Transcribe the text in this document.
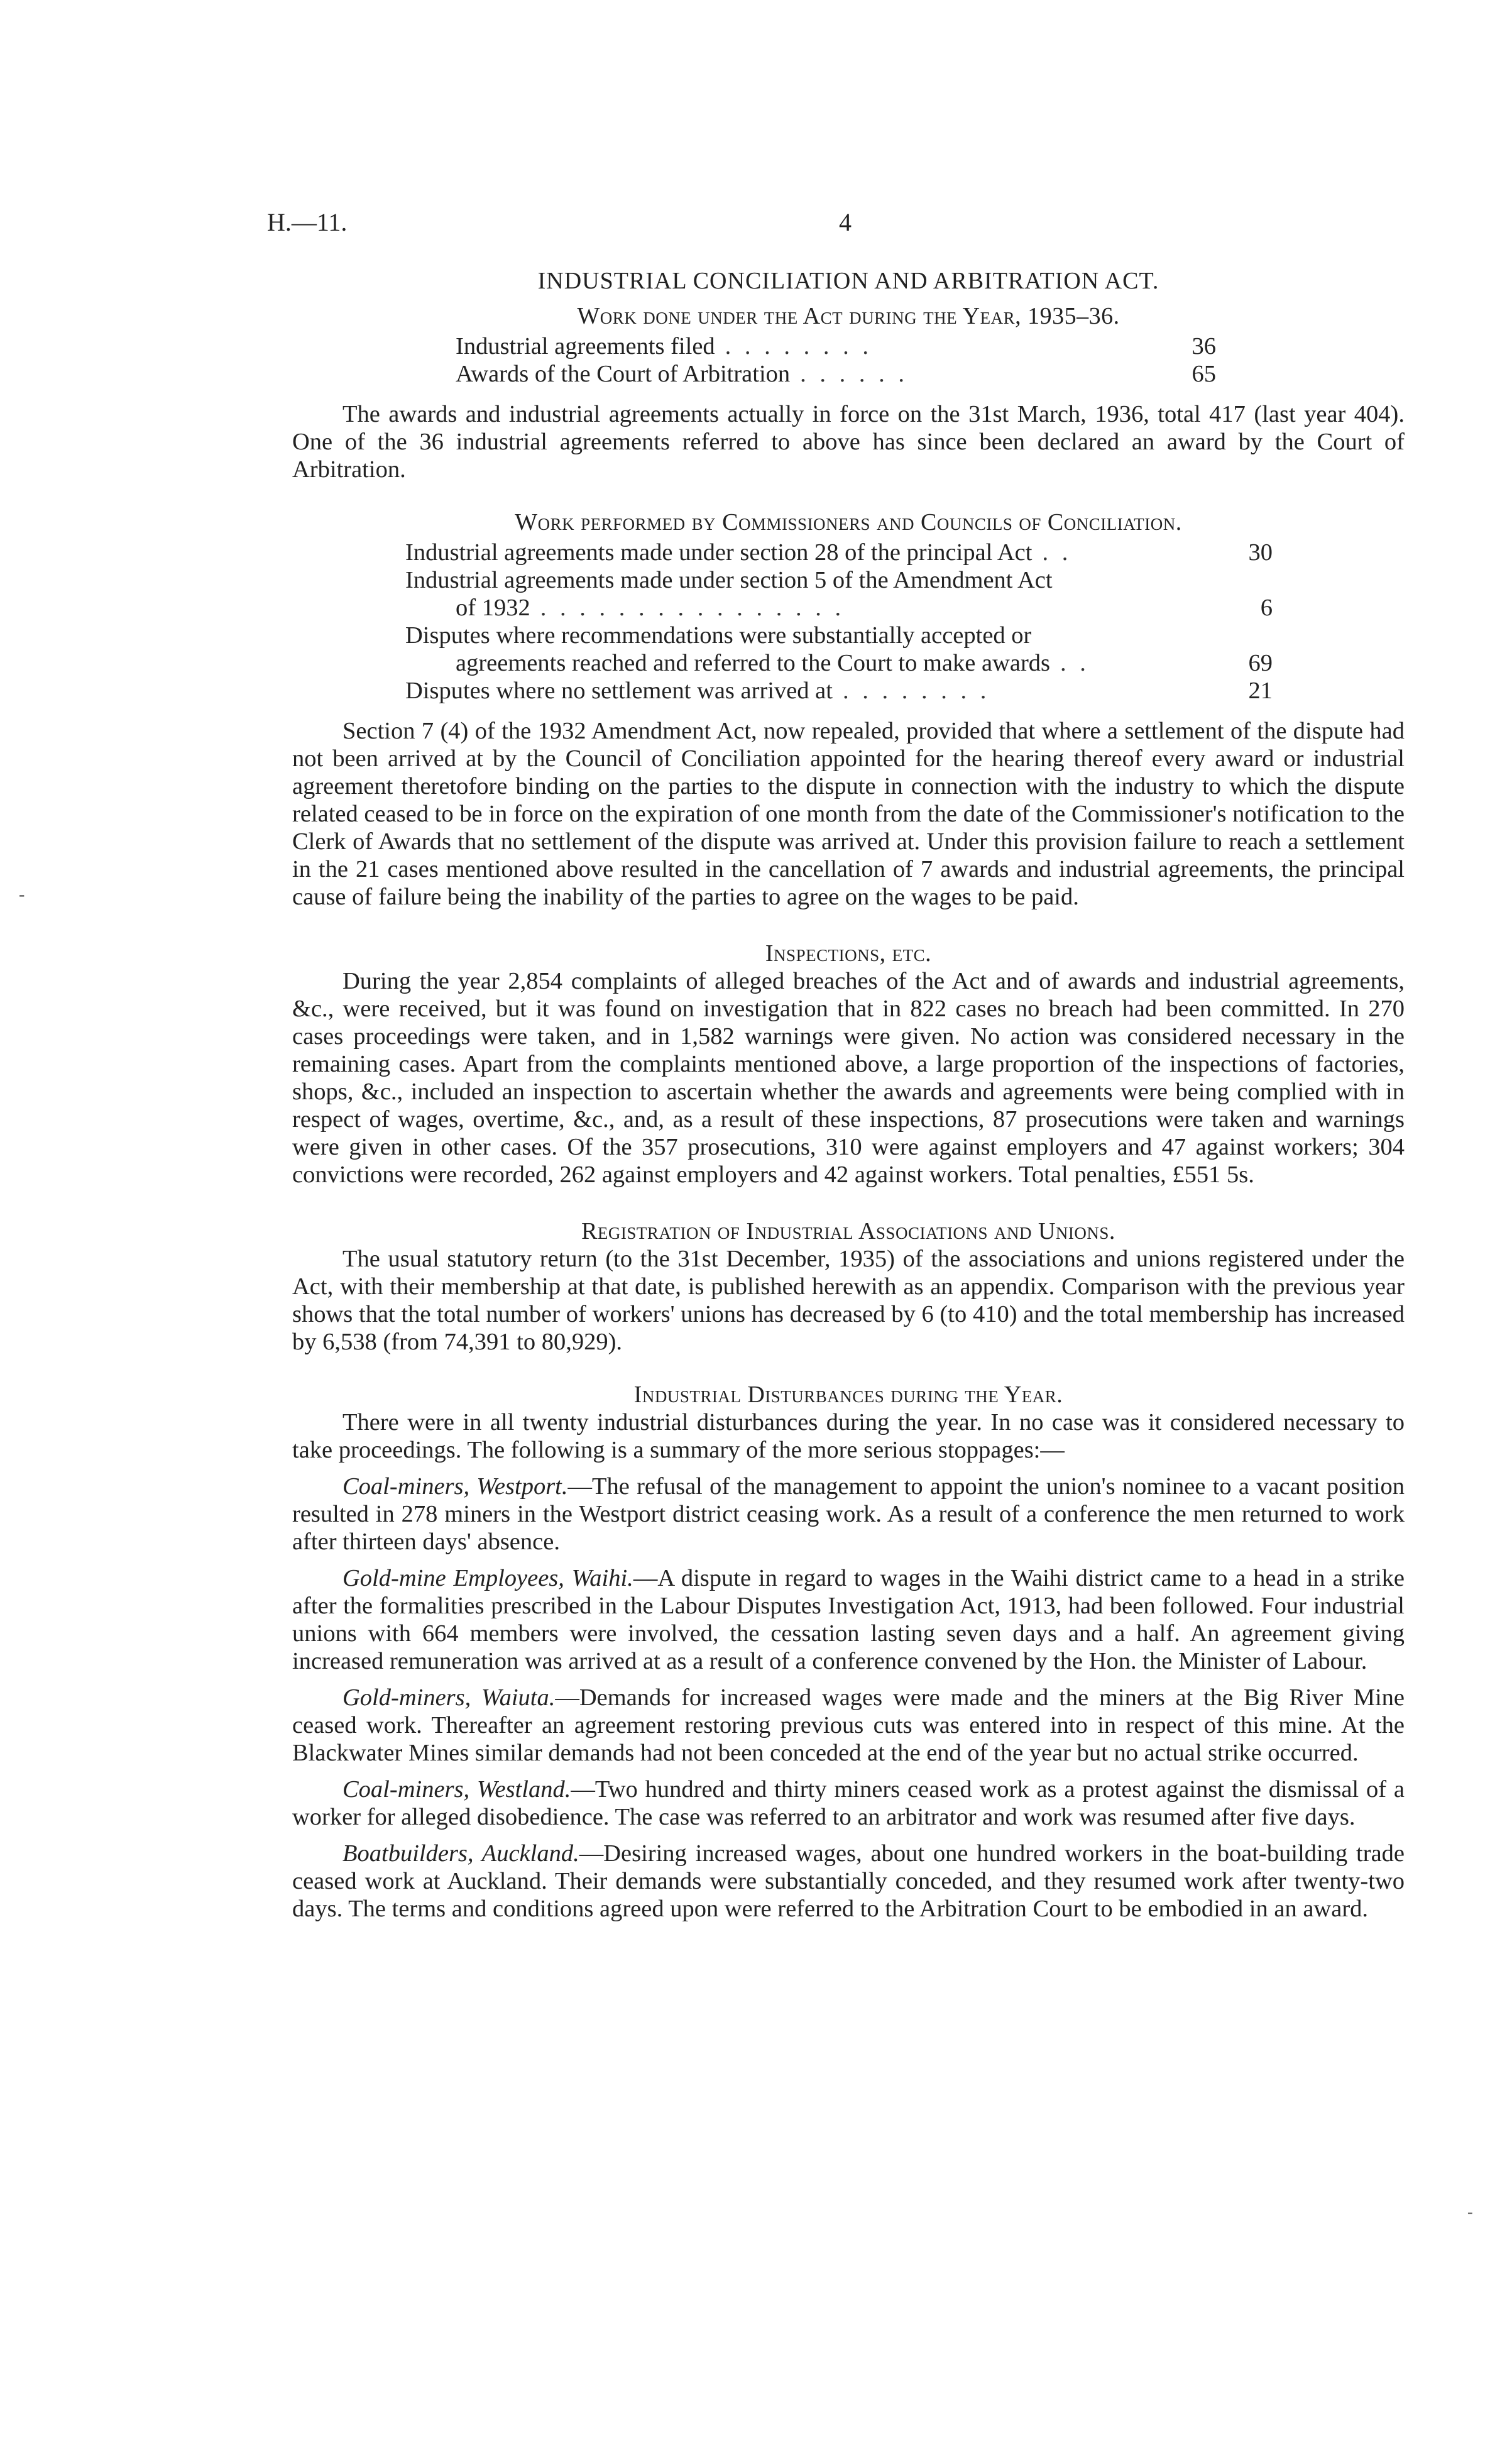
H.—11.	4
-
-
INDUSTRIAL CONCILIATION AND ARBITRATION ACT.
Work done under the Act during the Year, 1935–36.
Industrial agreements filed . . . . . . . .	36
Awards of the Court of Arbitration . . . . . .	65

The awards and industrial agreements actually in force on the 31st March, 1936, total 417 (last year 404). One of the 36 industrial agreements referred to above has since been declared an award by the Court of Arbitration.

Work performed by Commissioners and Councils of Conciliation.
Industrial agreements made under section 28 of the principal Act . .	30
Industrial agreements made under section 5 of the Amendment Act
of 1932 . . . . . . . . . . . . . . . .	6
Disputes where recommendations were substantially accepted or
agreements reached and referred to the Court to make awards . .	69
Disputes where no settlement was arrived at . . . . . . . .	21

Section 7 (4) of the 1932 Amendment Act, now repealed, provided that where a settlement of the dispute had not been arrived at by the Council of Conciliation appointed for the hearing thereof every award or industrial agreement theretofore binding on the parties to the dispute in connection with the industry to which the dispute related ceased to be in force on the expiration of one month from the date of the Commissioner's notification to the Clerk of Awards that no settlement of the dispute was arrived at. Under this provision failure to reach a settlement in the 21 cases mentioned above resulted in the cancellation of 7 awards and industrial agreements, the principal cause of failure being the inability of the parties to agree on the wages to be paid.

Inspections, etc.

During the year 2,854 complaints of alleged breaches of the Act and of awards and industrial agreements, &c., were received, but it was found on investigation that in 822 cases no breach had been committed. In 270 cases proceedings were taken, and in 1,582 warnings were given. No action was considered necessary in the remaining cases. Apart from the complaints mentioned above, a large proportion of the inspections of factories, shops, &c., included an inspection to ascertain whether the awards and agreements were being complied with in respect of wages, overtime, &c., and, as a result of these inspections, 87 prosecutions were taken and warnings were given in other cases. Of the 357 prosecutions, 310 were against employers and 47 against workers; 304 convictions were recorded, 262 against employers and 42 against workers. Total penalties, £551 5s.

Registration of Industrial Associations and Unions.

The usual statutory return (to the 31st December, 1935) of the associations and unions registered under the Act, with their membership at that date, is published herewith as an appendix. Comparison with the previous year shows that the total number of workers' unions has decreased by 6 (to 410) and the total membership has increased by 6,538 (from 74,391 to 80,929).

Industrial Disturbances during the Year.

There were in all twenty industrial disturbances during the year. In no case was it considered necessary to take proceedings. The following is a summary of the more serious stoppages:—

Coal-miners, Westport.—The refusal of the management to appoint the union's nominee to a vacant position resulted in 278 miners in the Westport district ceasing work. As a result of a conference the men returned to work after thirteen days' absence.

Gold-mine Employees, Waihi.—A dispute in regard to wages in the Waihi district came to a head in a strike after the formalities prescribed in the Labour Disputes Investigation Act, 1913, had been followed. Four industrial unions with 664 members were involved, the cessation lasting seven days and a half. An agreement giving increased remuneration was arrived at as a result of a conference convened by the Hon. the Minister of Labour.

Gold-miners, Waiuta.—Demands for increased wages were made and the miners at the Big River Mine ceased work. Thereafter an agreement restoring previous cuts was entered into in respect of this mine. At the Blackwater Mines similar demands had not been conceded at the end of the year but no actual strike occurred.

Coal-miners, Westland.—Two hundred and thirty miners ceased work as a protest against the dismissal of a worker for alleged disobedience. The case was referred to an arbitrator and work was resumed after five days.

Boatbuilders, Auckland.—Desiring increased wages, about one hundred workers in the boat-building trade ceased work at Auckland. Their demands were substantially conceded, and they resumed work after twenty-two days. The terms and conditions agreed upon were referred to the Arbitration Court to be embodied in an award.
